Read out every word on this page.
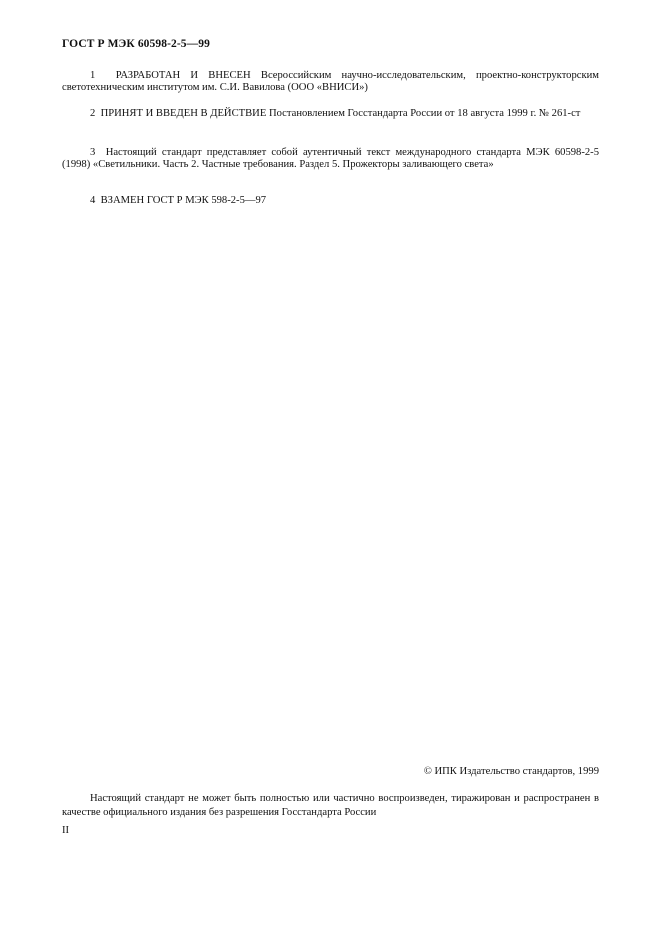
ГОСТ Р МЭК 60598-2-5—99
1 РАЗРАБОТАН И ВНЕСЕН Всероссийским научно-исследовательским, проектно-конструкторским светотехническим институтом им. С.И. Вавилова (ООО «ВНИСИ»)
2 ПРИНЯТ И ВВЕДЕН В ДЕЙСТВИЕ Постановлением Госстандарта России от 18 августа 1999 г. № 261-ст
3 Настоящий стандарт представляет собой аутентичный текст международного стандарта МЭК 60598-2-5 (1998) «Светильники. Часть 2. Частные требования. Раздел 5. Прожекторы заливающего света»
4 ВЗАМЕН ГОСТ Р МЭК 598-2-5—97
© ИПК Издательство стандартов, 1999
Настоящий стандарт не может быть полностью или частично воспроизведен, тиражирован и распространен в качестве официального издания без разрешения Госстандарта России
II
